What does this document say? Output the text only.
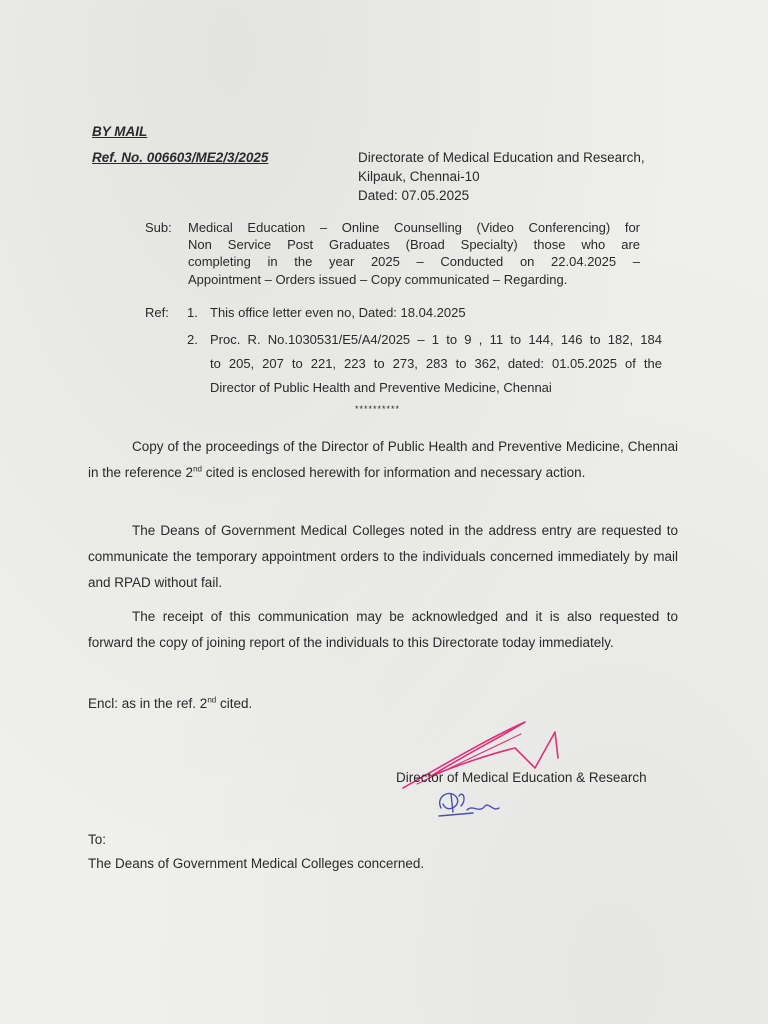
BY MAIL
Ref. No. 006603/ME2/3/2025	Directorate of Medical Education and Research,
Kilpauk, Chennai-10
Dated: 07.05.2025
Sub: Medical Education – Online Counselling (Video Conferencing) for
Non Service Post Graduates (Broad Specialty) those who are
completing in the year 2025 – Conducted on 22.04.2025 –
Appointment – Orders issued – Copy communicated – Regarding.
Ref: 1. This office letter even no, Dated: 18.04.2025
2. Proc. R. No.1030531/E5/A4/2025 – 1 to 9 , 11 to 144, 146 to 182, 184
to 205, 207 to 221, 223 to 273, 283 to 362, dated: 01.05.2025 of the
Director of Public Health and Preventive Medicine, Chennai
**********
Copy of the proceedings of the Director of Public Health and Preventive Medicine, Chennai in the reference 2nd cited is enclosed herewith for information and necessary action.
The Deans of Government Medical Colleges noted in the address entry are requested to communicate the temporary appointment orders to the individuals concerned immediately by mail and RPAD without fail.
The receipt of this communication may be acknowledged and it is also requested to forward the copy of joining report of the individuals to this Directorate today immediately.
Encl: as in the ref. 2nd cited.
Director of Medical Education & Research
To:
The Deans of Government Medical Colleges concerned.
